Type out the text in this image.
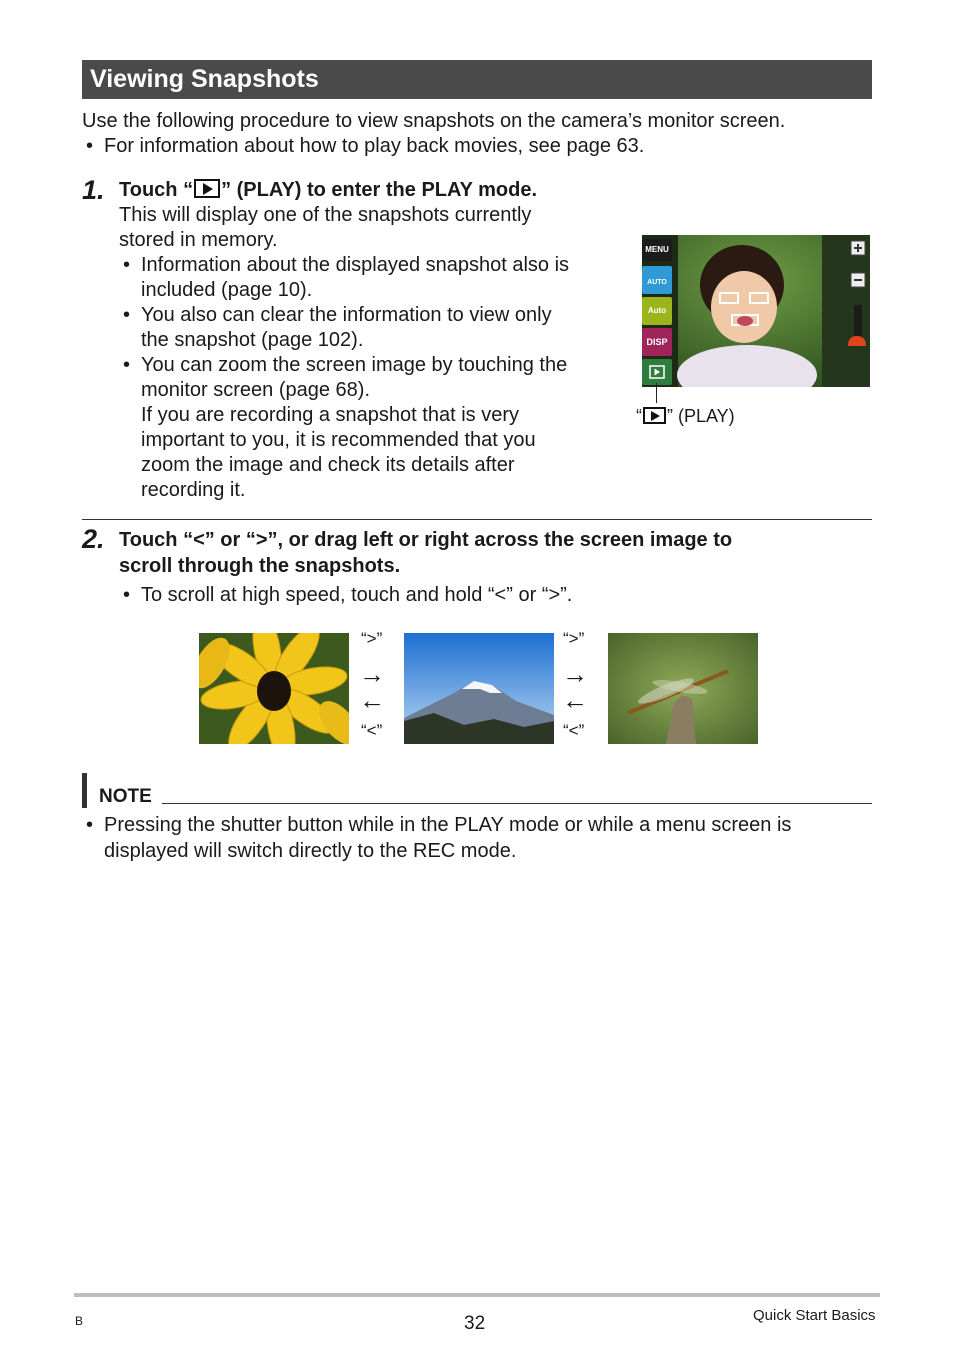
Viewing Snapshots
Use the following procedure to view snapshots on the camera’s monitor screen.
• For information about how to play back movies, see page 63.
1. Touch “ ” (PLAY) to enter the PLAY mode.
This will display one of the snapshots currently
stored in memory.
• Information about the displayed snapshot also is
included (page 10).
• You also can clear the information to view only
the snapshot (page 102).
• You can zoom the screen image by touching the
monitor screen (page 68).
If you are recording a snapshot that is very
important to you, it is recommended that you
zoom the image and check its details after
recording it.
MENU
AUTO
Auto
DISP
“ ” (PLAY)
2. Touch “<” or “>”, or drag left or right across the screen image to
scroll through the snapshots.
• To scroll at high speed, touch and hold “<” or “>”.
“>”
→
←
“<”
“>”
→
←
“<”
NOTE
• Pressing the shutter button while in the PLAY mode or while a menu screen is
displayed will switch directly to the REC mode.
B	32	Quick Start Basics
